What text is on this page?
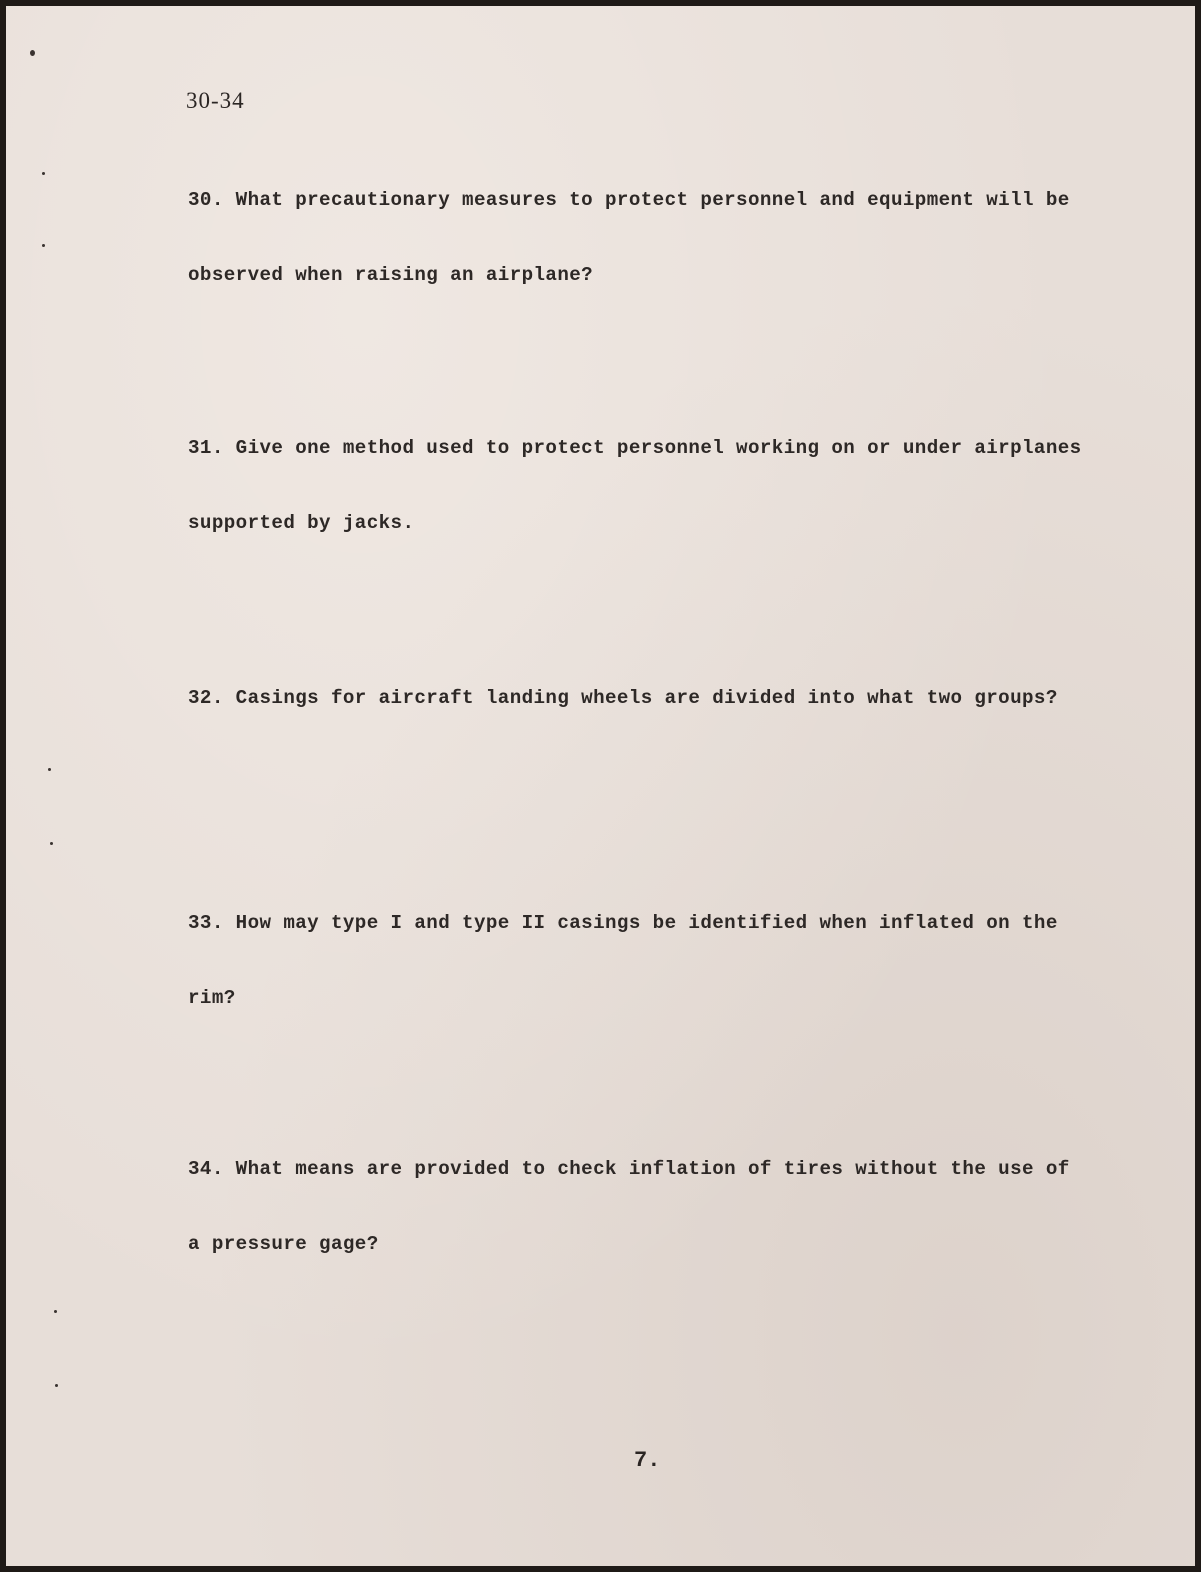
30-34

30. What precautionary measures to protect personnel and equipment will be

observed when raising an airplane?

31. Give one method used to protect personnel working on or under airplanes

supported by jacks.

32. Casings for aircraft landing wheels are divided into what two groups?

33. How may type I and type II casings be identified when inflated on the

rim?

34. What means are provided to check inflation of tires without the use of

a pressure gage?

7.
